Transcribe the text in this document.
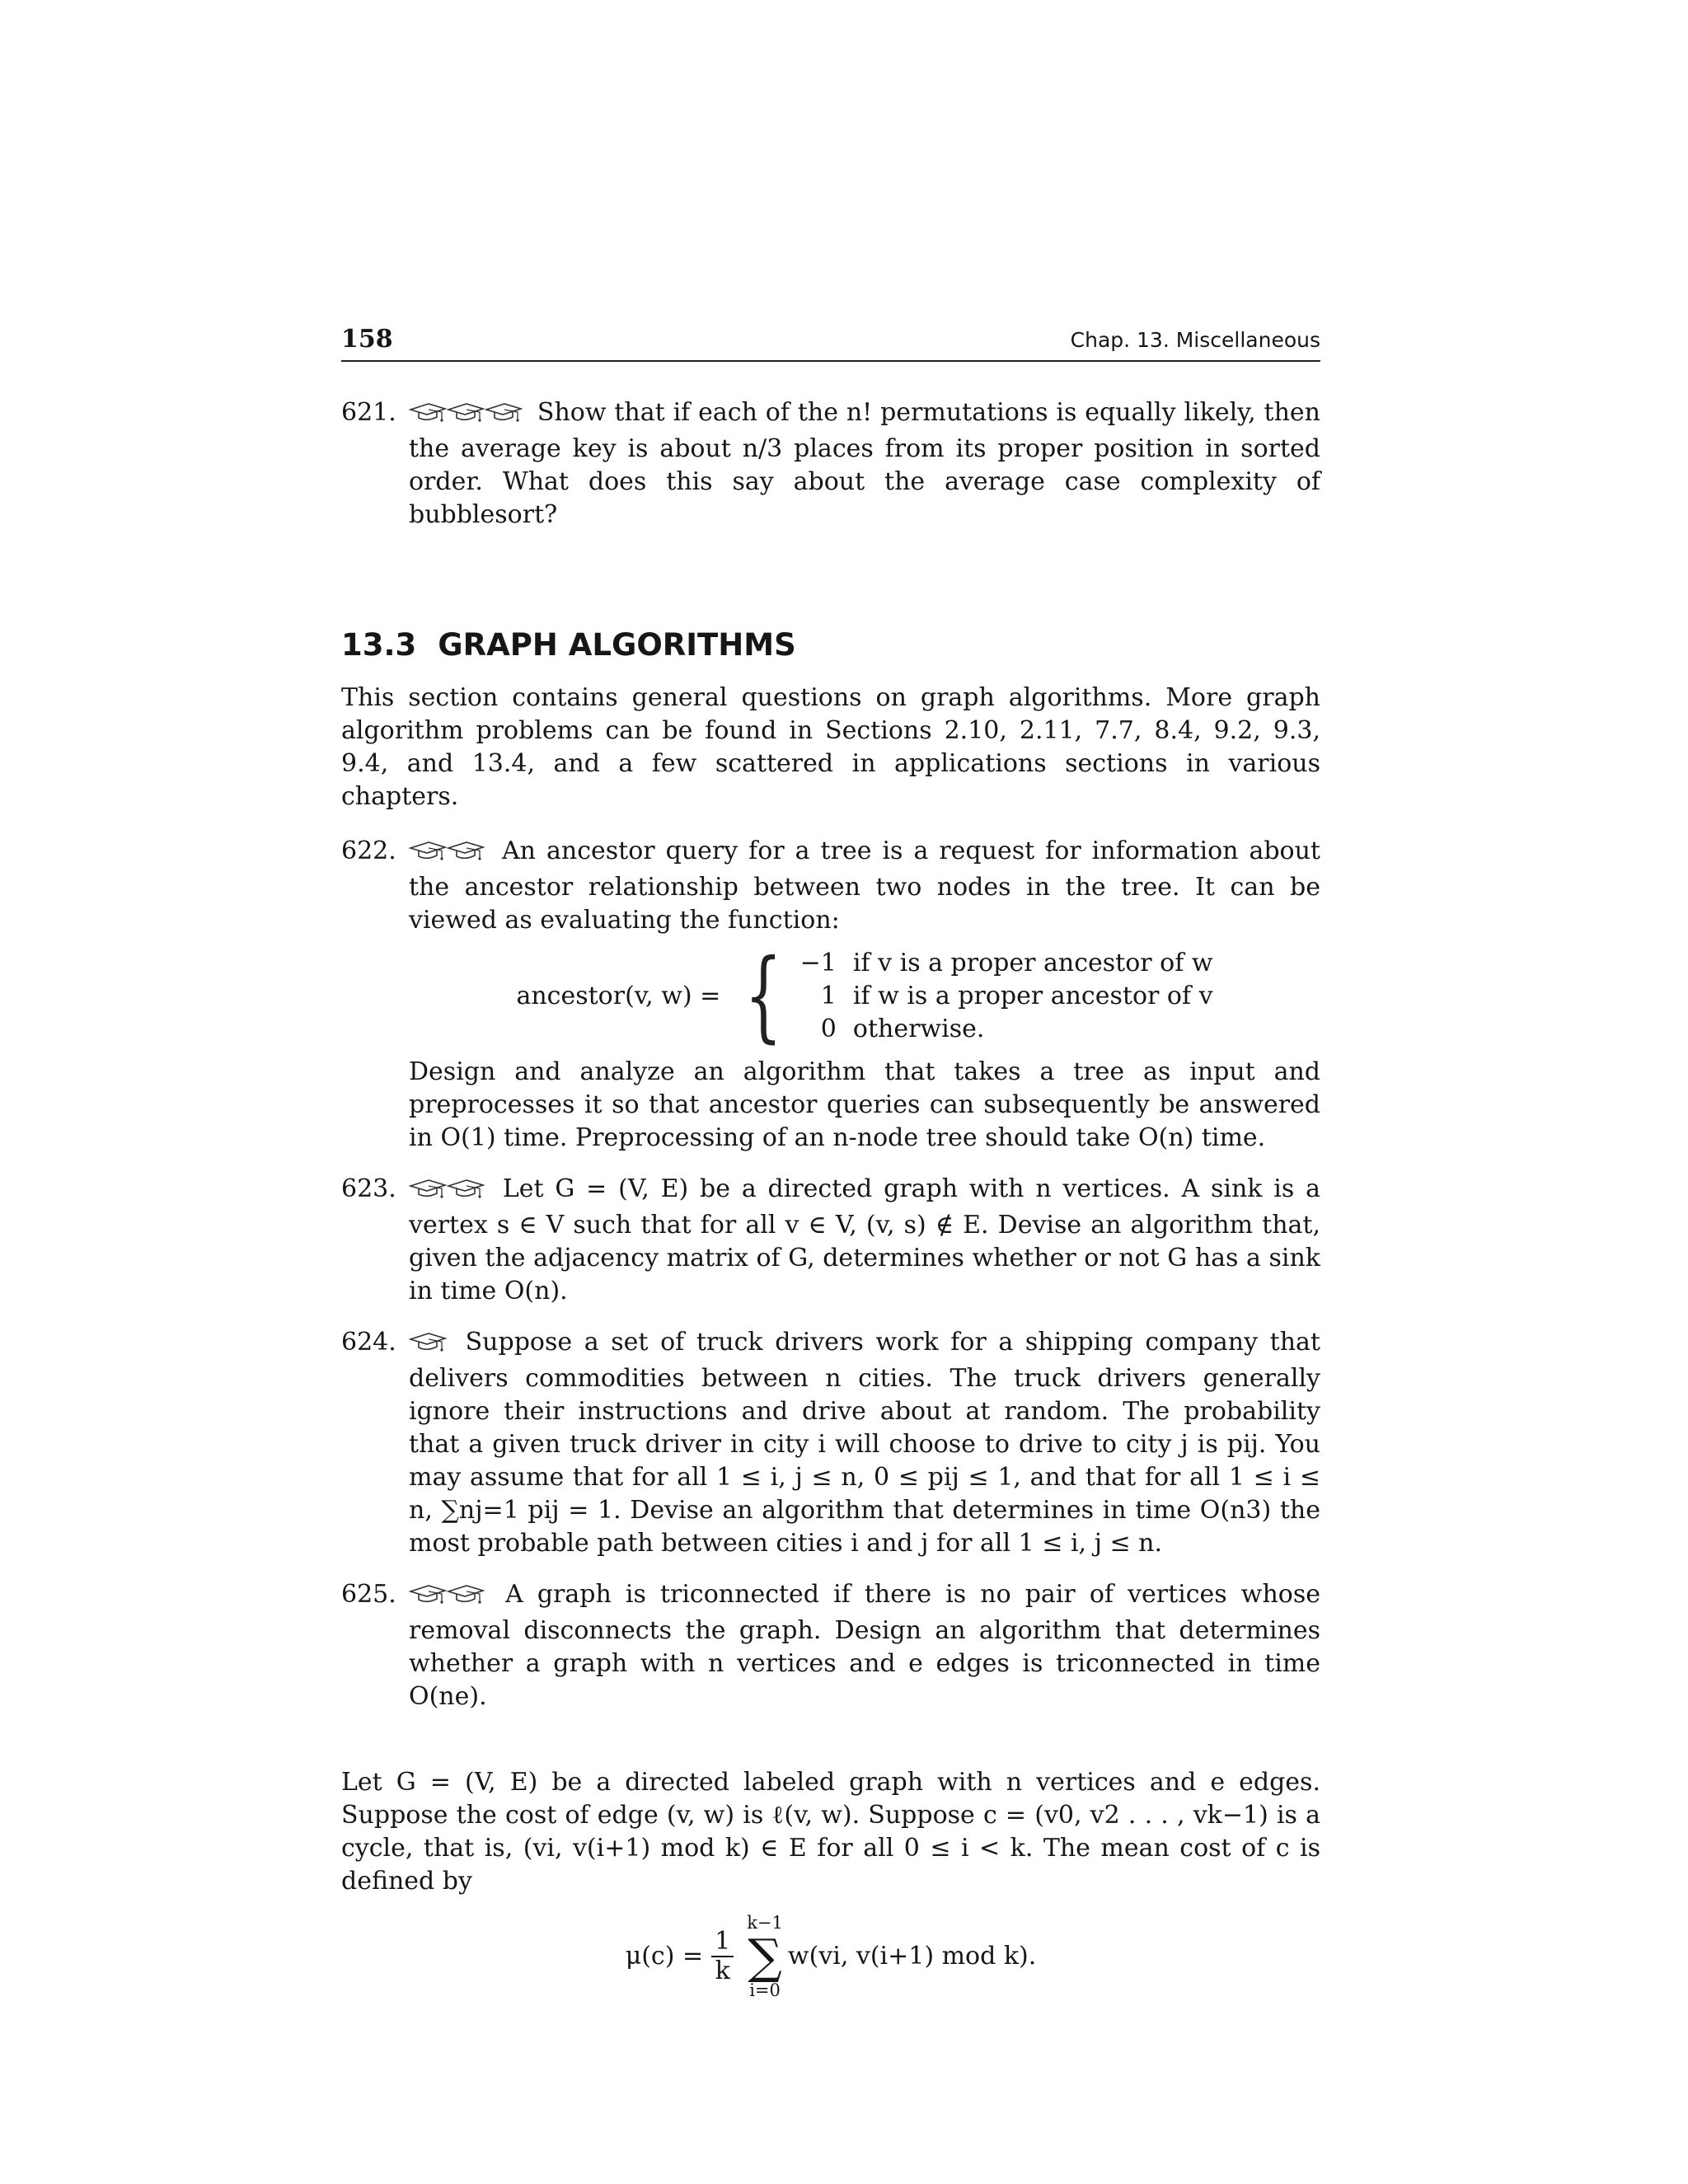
158	Chap. 13. Miscellaneous
621.	Show that if each of the n! permutations is equally likely, then the average key is about n/3 places from its proper position in sorted order. What does this say about the average case complexity of bubblesort?
13.3 GRAPH ALGORITHMS
This section contains general questions on graph algorithms. More graph algorithm problems can be found in Sections 2.10, 2.11, 7.7, 8.4, 9.2, 9.3, 9.4, and 13.4, and a few scattered in applications sections in various chapters.
622.	An ancestor query for a tree is a request for information about the ancestor relationship between two nodes in the tree. It can be viewed as evaluating the function:
ancestor(v, w) = { −1 if v is a proper ancestor of w
1 if w is a proper ancestor of v
0 otherwise.
Design and analyze an algorithm that takes a tree as input and preprocesses it so that ancestor queries can subsequently be answered in O(1) time. Preprocessing of an n-node tree should take O(n) time.
623.	Let G = (V, E) be a directed graph with n vertices. A sink is a vertex s ∈ V such that for all v ∈ V, (v, s) ∉ E. Devise an algorithm that, given the adjacency matrix of G, determines whether or not G has a sink in time O(n).
624.	Suppose a set of truck drivers work for a shipping company that delivers commodities between n cities. The truck drivers generally ignore their instructions and drive about at random. The probability that a given truck driver in city i will choose to drive to city j is pij. You may assume that for all 1 ≤ i, j ≤ n, 0 ≤ pij ≤ 1, and that for all 1 ≤ i ≤ n, ∑nj=1 pij = 1. Devise an algorithm that determines in time O(n3) the most probable path between cities i and j for all 1 ≤ i, j ≤ n.
625.	A graph is triconnected if there is no pair of vertices whose removal disconnects the graph. Design an algorithm that determines whether a graph with n vertices and e edges is triconnected in time O(ne).
Let G = (V, E) be a directed labeled graph with n vertices and e edges. Suppose the cost of edge (v, w) is ℓ(v, w). Suppose c = (v0, v2 . . . , vk−1) is a cycle, that is, (vi, v(i+1) mod k) ∈ E for all 0 ≤ i < k. The mean cost of c is defined by
$\mu(c) = \frac{1}{k}$
k−1
∑
i=0
w(vi, v(i+1) mod k).
